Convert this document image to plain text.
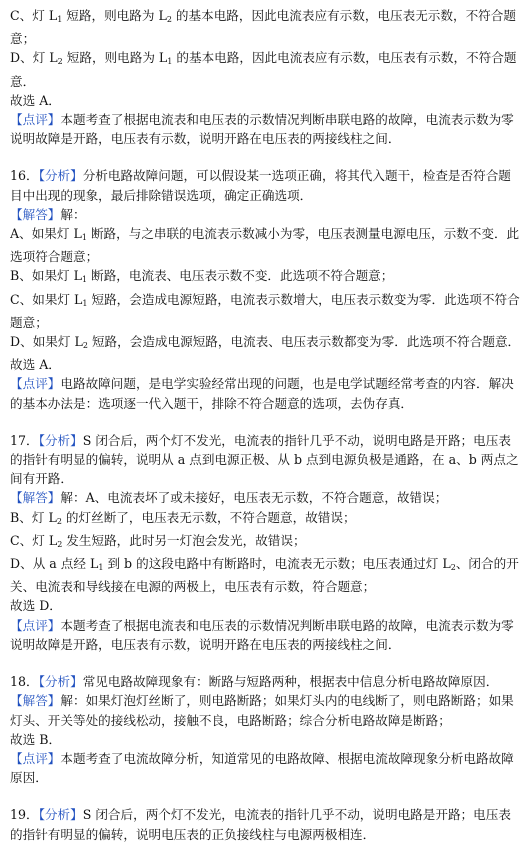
C、灯 $L_1$ 短路，则电路为 $L_2$ 的基本电路，因此电流表应有示数，电压表无示数，不符合题
意；
D、灯 $L_2$ 短路，则电路为 $L_1$ 的基本电路，因此电流表应有示数，电压表有示数，不符合题
意．
故选 A．
【点评】本题考查了根据电流表和电压表的示数情况判断串联电路的故障，电流表示数为零
说明故障是开路，电压表有示数，说明开路在电压表的两接线柱之间．
16．【分析】分析电路故障问题，可以假设某一选项正确，将其代入题干，检查是否符合题
目中出现的现象，最后排除错误选项，确定正确选项．
【解答】解：
A、如果灯 $L_1$ 断路，与之串联的电流表示数减小为零，电压表测量电源电压，示数不变．此
选项符合题意；
B、如果灯 $L_1$ 断路，电流表、电压表示数不变．此选项不符合题意；
C、如果灯 $L_1$ 短路，会造成电源短路，电流表示数增大，电压表示数变为零．此选项不符合
题意；
D、如果灯 $L_2$ 短路，会造成电源短路，电流表、电压表示数都变为零．此选项不符合题意．
故选 A．
【点评】电路故障问题，是电学实验经常出现的问题，也是电学试题经常考查的内容．解决
的基本办法是：选项逐一代入题干，排除不符合题意的选项，去伪存真．
17．【分析】S 闭合后，两个灯不发光，电流表的指针几乎不动，说明电路是开路；电压表
的指针有明显的偏转，说明从 a 点到电源正极、从 b 点到电源负极是通路，在 a、b 两点之
间有开路．
【解答】解：A、电流表坏了或未接好，电压表无示数，不符合题意，故错误；
B、灯 $L_2$ 的灯丝断了，电压表无示数，不符合题意，故错误；
C、灯 $L_2$ 发生短路，此时另一灯泡会发光，故错误；
D、从 a 点经 $L_1$ 到 b 的这段电路中有断路时，电流表无示数；电压表通过灯 $L_2$、闭合的开
关、电流表和导线接在电源的两极上，电压表有示数，符合题意；
故选 D．
【点评】本题考查了根据电流表和电压表的示数情况判断串联电路的故障，电流表示数为零
说明故障是开路，电压表有示数，说明开路在电压表的两接线柱之间．
18．【分析】常见电路故障现象有：断路与短路两种，根据表中信息分析电路故障原因．
【解答】解：如果灯泡灯丝断了，则电路断路；如果灯头内的电线断了，则电路断路；如果
灯头、开关等处的接线松动，接触不良，电路断路；综合分析电路故障是断路；
故选 B．
【点评】本题考查了电流故障分析，知道常见的电路故障、根据电流故障现象分析电路故障
原因．
19．【分析】S 闭合后，两个灯不发光，电流表的指针几乎不动，说明电路是开路；电压表
的指针有明显的偏转，说明电压表的正负接线柱与电源两极相连．
